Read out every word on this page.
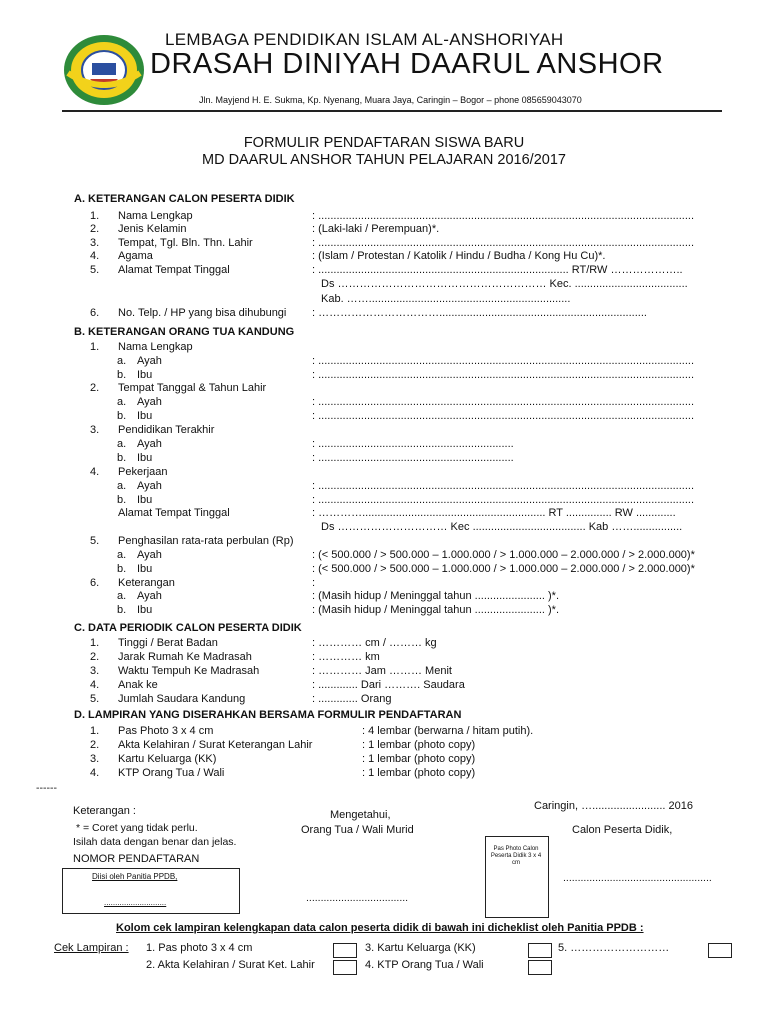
LEMBAGA PENDIDIKAN ISLAM AL-ANSHORIYAH
DRASAH DINIYAH DAARUL ANSHOR
Jln. Mayjend H. E. Sukma, Kp. Nyenang, Muara Jaya, Caringin – Bogor – phone 085659043070
FORMULIR PENDAFTARAN SISWA BARU
MD DAARUL ANSHOR TAHUN PELAJARAN 2016/2017
A. KETERANGAN CALON PESERTA DIDIK
1. Nama Lengkap	: ...........................................................................................................................
2. Jenis Kelamin	: (Laki-laki / Perempuan)*.
3. Tempat, Tgl. Bln. Thn. Lahir	: ...........................................................................................................................
4. Agama	: (Islam / Protestan / Katolik / Hindu / Budha / Kong Hu Cu)*.
5. Alamat Tempat Tinggal	: .................................................................................. RT/RW ………………..
Ds ………………………………………………… Kec. .....................................
Kab. ……..................................................................
6. No. Telp. / HP yang bisa dihubungi : ……………………………....................................................................
B. KETERANGAN ORANG TUA KANDUNG
1. Nama Lengkap
a. Ayah	: ...........................................................................................................................
b. Ibu	: ...........................................................................................................................
2. Tempat Tanggal & Tahun Lahir
a. Ayah	: ...........................................................................................................................
b. Ibu	: ...........................................................................................................................
3. Pendidikan Terakhir
a. Ayah	: ................................................................
b. Ibu	: ................................................................
4. Pekerjaan
a. Ayah	: ...........................................................................................................................
b. Ibu	: ...........................................................................................................................
Alamat Tempat Tinggal	: …………............................................................ RT ............... RW .............
Ds ………………………… Kec ..................................... Kab ……................
5. Penghasilan rata-rata perbulan (Rp)
a. Ayah	: (< 500.000 / > 500.000 – 1.000.000 / > 1.000.000 – 2.000.000 / > 2.000.000)*
b. Ibu	: (< 500.000 / > 500.000 – 1.000.000 / > 1.000.000 – 2.000.000 / > 2.000.000)*
6. Keterangan	:
a. Ayah	: (Masih hidup / Meninggal tahun ....................... )*.
b. Ibu	: (Masih hidup / Meninggal tahun ....................... )*.
C. DATA PERIODIK CALON PESERTA DIDIK
1. Tinggi / Berat Badan	: ………… cm / ……… kg
2. Jarak Rumah Ke Madrasah	: ………… km
3. Waktu Tempuh Ke Madrasah	: ………… Jam ……… Menit
4. Anak ke	: ............. Dari ………. Saudara
5. Jumlah Saudara Kandung	: ............. Orang
D. LAMPIRAN YANG DISERAHKAN BERSAMA FORMULIR PENDAFTARAN
1. Pas Photo 3 x 4 cm	: 4 lembar (berwarna / hitam putih).
2. Akta Kelahiran / Surat Keterangan Lahir	: 1 lembar (photo copy)
3. Kartu Keluarga (KK)	: 1 lembar (photo copy)
4. KTP Orang Tua / Wali	: 1 lembar (photo copy)
------
Keterangan :
* = Coret yang tidak perlu.
Isilah data dengan benar dan jelas.
NOMOR PENDAFTARAN
Diisi oleh Panitia PPDB,
............................
Mengetahui,
Orang Tua / Wali Murid
...................................
Pas Photo Calon Peserta Didik 3 x 4 cm
Caringin, …........................ 2016
Calon Peserta Didik,
...................................................
Kolom cek lampiran kelengkapan data calon peserta didik di bawah ini dicheklist oleh Panitia PPDB :
Cek Lampiran : 1. Pas photo 3 x 4 cm
2. Akta Kelahiran / Surat Ket. Lahir
3. Kartu Keluarga (KK)
4. KTP Orang Tua / Wali
5. ………………………
